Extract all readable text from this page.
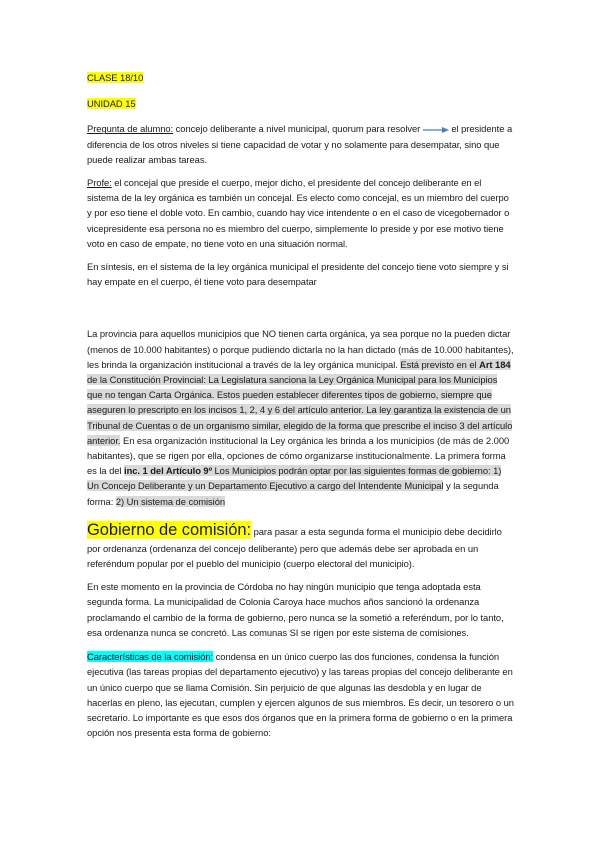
CLASE 18/10

UNIDAD 15

Pregunta de alumno: concejo deliberante a nivel municipal, quorum para resolver	el presidente a diferencia de los otros niveles si tiene capacidad de votar y no solamente para desempatar, sino que puede realizar ambas tareas.

Profe: el concejal que preside el cuerpo, mejor dicho, el presidente del concejo deliberante en el sistema de la ley orgánica es también un concejal. Es electo como concejal, es un miembro del cuerpo y por eso tiene el doble voto. En cambio, cuando hay vice intendente o en el caso de vicegobernador o vicepresidente esa persona no es miembro del cuerpo, simplemente lo preside y por ese motivo tiene voto en caso de empate, no tiene voto en una situación normal.

En síntesis, en el sistema de la ley orgánica municipal el presidente del concejo tiene voto siempre y si hay empate en el cuerpo, él tiene voto para desempatar

La provincia para aquellos municipios que NO tienen carta orgánica, ya sea porque no la pueden dictar (menos de 10.000 habitantes) o porque pudiendo dictarla no la han dictado (más de 10.000 habitantes), les brinda la organización institucional a través de la ley orgánica municipal. Está previsto en el Art 184 de la Constitución Provincial: La Legislatura sanciona la Ley Orgánica Municipal para los Municipios que no tengan Carta Orgánica. Estos pueden establecer diferentes tipos de gobierno, siempre que aseguren lo prescripto en los incisos 1, 2, 4 y 6 del artículo anterior. La ley garantiza la existencia de un Tribunal de Cuentas o de un organismo similar, elegido de la forma que prescribe el inciso 3 del artículo anterior. En esa organización institucional la Ley orgánica les brinda a los municipios (de más de 2.000 habitantes), que se rigen por ella, opciones de cómo organizarse institucionalmente. La primera forma es la del inc. 1 del Artículo 9º Los Municipios podrán optar por las siguientes formas de gobierno: 1) Un Concejo Deliberante y un Departamento Ejecutivo a cargo del Intendente Municipal y la segunda forma: 2) Un sistema de comisión

Gobierno de comisión: para pasar a esta segunda forma el municipio debe decidirlo por ordenanza (ordenanza del concejo deliberante) pero que además debe ser aprobada en un referéndum popular por el pueblo del municipio (cuerpo electoral del municipio).

En este momento en la provincia de Córdoba no hay ningún municipio que tenga adoptada esta segunda forma. La municipalidad de Colonia Caroya hace muchos años sancionó la ordenanza proclamando el cambio de la forma de gobierno, pero nunca se la sometió a referéndum, por lo tanto, esa ordenanza nunca se concretó. Las comunas SI se rigen por este sistema de comisiones.

Características de la comisión: condensa en un único cuerpo las dos funciones, condensa la función ejecutiva (las tareas propias del departamento ejecutivo) y las tareas propias del concejo deliberante en un único cuerpo que se llama Comisión. Sin perjuicio de que algunas las desdobla y en lugar de hacerlas en pleno, las ejecutan, cumplen y ejercen algunos de sus miembros. Es decir, un tesorero o un secretario. Lo importante es que esos dos órganos que en la primera forma de gobierno o en la primera opción nos presenta esta forma de gobierno:
